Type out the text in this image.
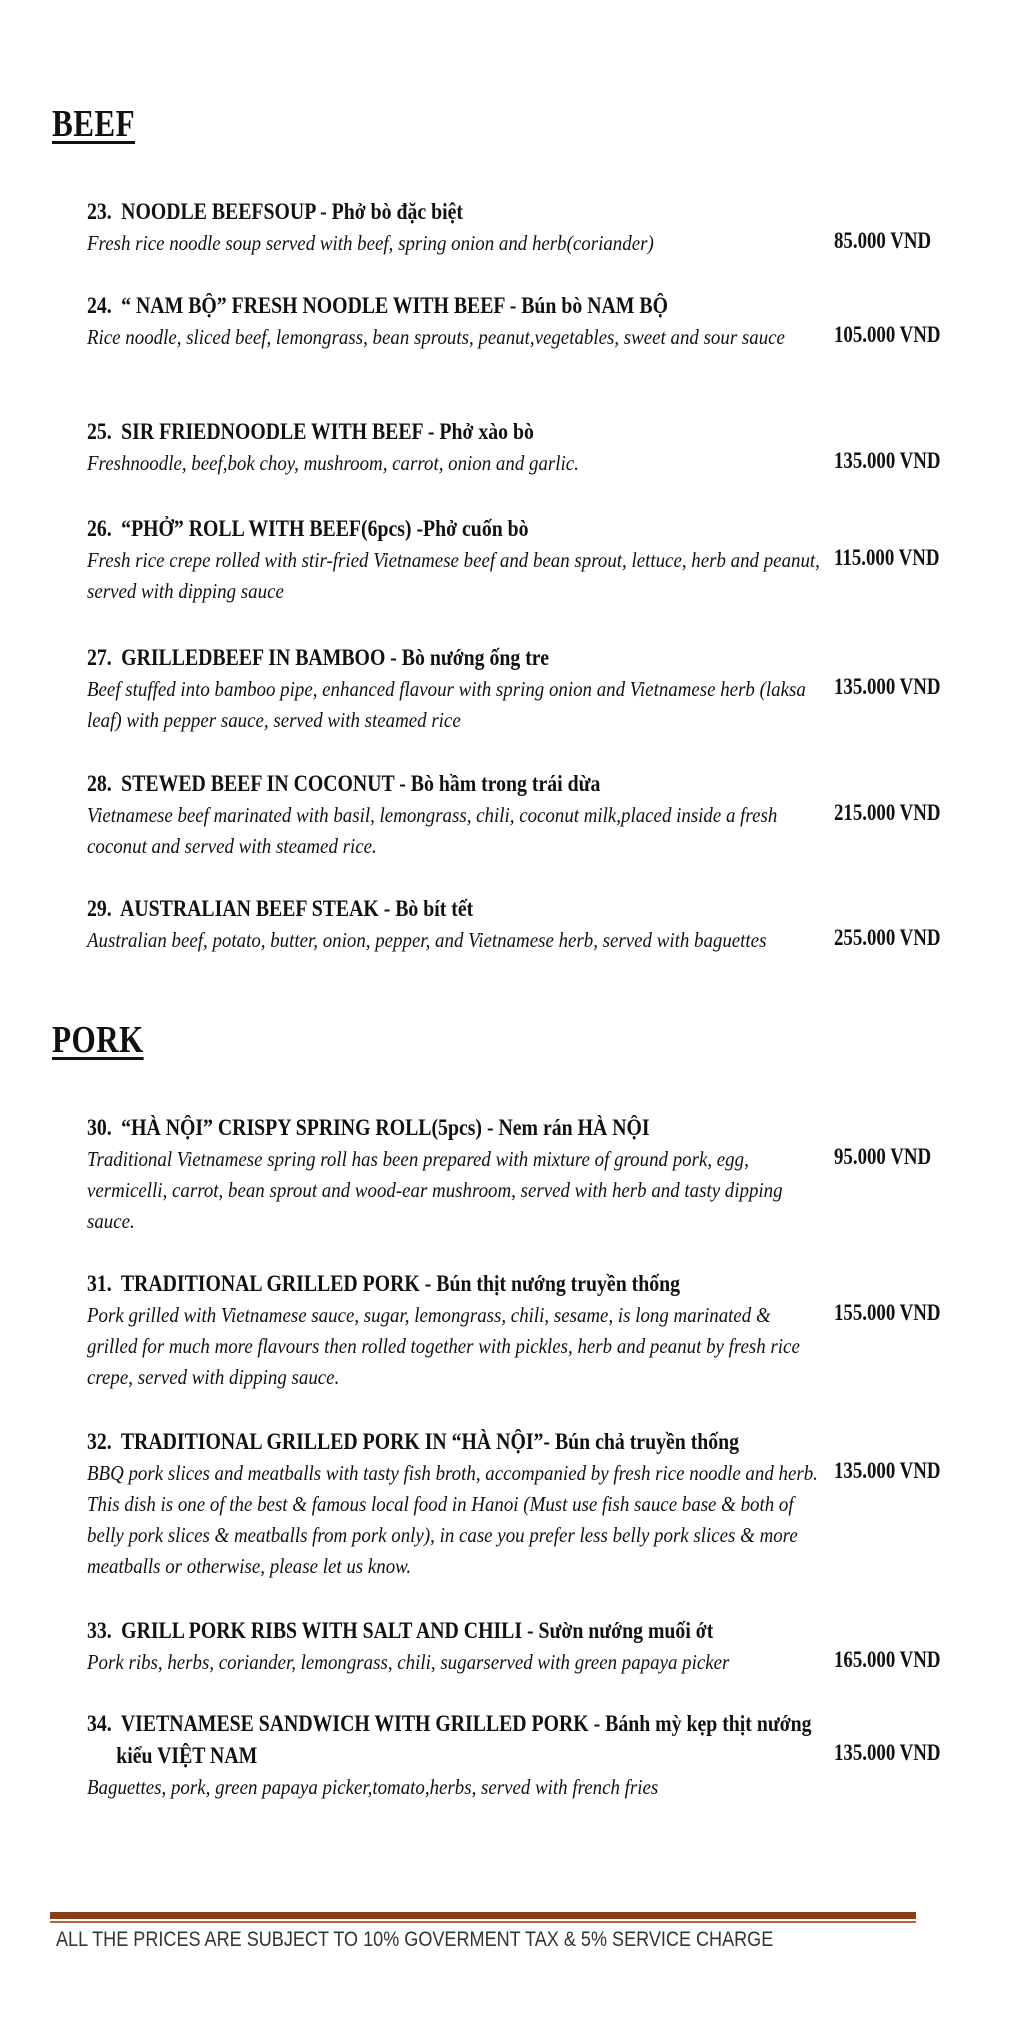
BEEF
23. NOODLE BEEFSOUP - Phở bò đặc biệt
Fresh rice noodle soup served with beef, spring onion and herb(coriander)	85.000 VND
24. “ NAM BỘ” FRESH NOODLE WITH BEEF - Bún bò NAM BỘ
Rice noodle, sliced beef, lemongrass, bean sprouts, peanut,vegetables, sweet and sour sauce	105.000 VND
25. SIR FRIEDNOODLE WITH BEEF - Phở xào bò
Freshnoodle, beef,bok choy, mushroom, carrot, onion and garlic.	135.000 VND
26. “PHỞ” ROLL WITH BEEF(6pcs) -Phở cuốn bò
Fresh rice crepe rolled with stir-fried Vietnamese beef and bean sprout, lettuce, herb and peanut, served with dipping sauce
115.000 VND
27. GRILLEDBEEF IN BAMBOO - Bò nướng ống tre
Beef stuffed into bamboo pipe, enhanced flavour with spring onion and Vietnamese herb (laksa leaf) with pepper sauce, served with steamed rice
135.000 VND
28. STEWED BEEF IN COCONUT - Bò hầm trong trái dừa
Vietnamese beef marinated with basil, lemongrass, chili, coconut milk,placed inside a fresh coconut and served with steamed rice.
215.000 VND
29. AUSTRALIAN BEEF STEAK - Bò bít tết
Australian beef, potato, butter, onion, pepper, and Vietnamese herb, served with baguettes	255.000 VND
PORK
30. “HÀ NỘI” CRISPY SPRING ROLL(5pcs) - Nem rán HÀ NỘI
Traditional Vietnamese spring roll has been prepared with mixture of ground pork, egg, vermicelli, carrot, bean sprout and wood-ear mushroom, served with herb and tasty dipping sauce.
95.000 VND
31. TRADITIONAL GRILLED PORK - Bún thịt nướng truyền thống
Pork grilled with Vietnamese sauce, sugar, lemongrass, chili, sesame, is long marinated & grilled for much more flavours then rolled together with pickles, herb and peanut by fresh rice crepe, served with dipping sauce.
155.000 VND
32. TRADITIONAL GRILLED PORK IN “HÀ NỘI”- Bún chả truyền thống
BBQ pork slices and meatballs with tasty fish broth, accompanied by fresh rice noodle and herb. This dish is one of the best & famous local food in Hanoi (Must use fish sauce base & both of belly pork slices & meatballs from pork only), in case you prefer less belly pork slices & more meatballs or otherwise, please let us know.
135.000 VND
33. GRILL PORK RIBS WITH SALT AND CHILI - Sườn nướng muối ớt
Pork ribs, herbs, coriander, lemongrass, chili, sugarserved with green papaya picker	165.000 VND
34. VIETNAMESE SANDWICH WITH GRILLED PORK - Bánh mỳ kẹp thịt nướng
kiểu VIỆT NAM
Baguettes, pork, green papaya picker,tomato,herbs, served with french fries
135.000 VND
ALL THE PRICES ARE SUBJECT TO 10% GOVERMENT TAX & 5% SERVICE CHARGE
